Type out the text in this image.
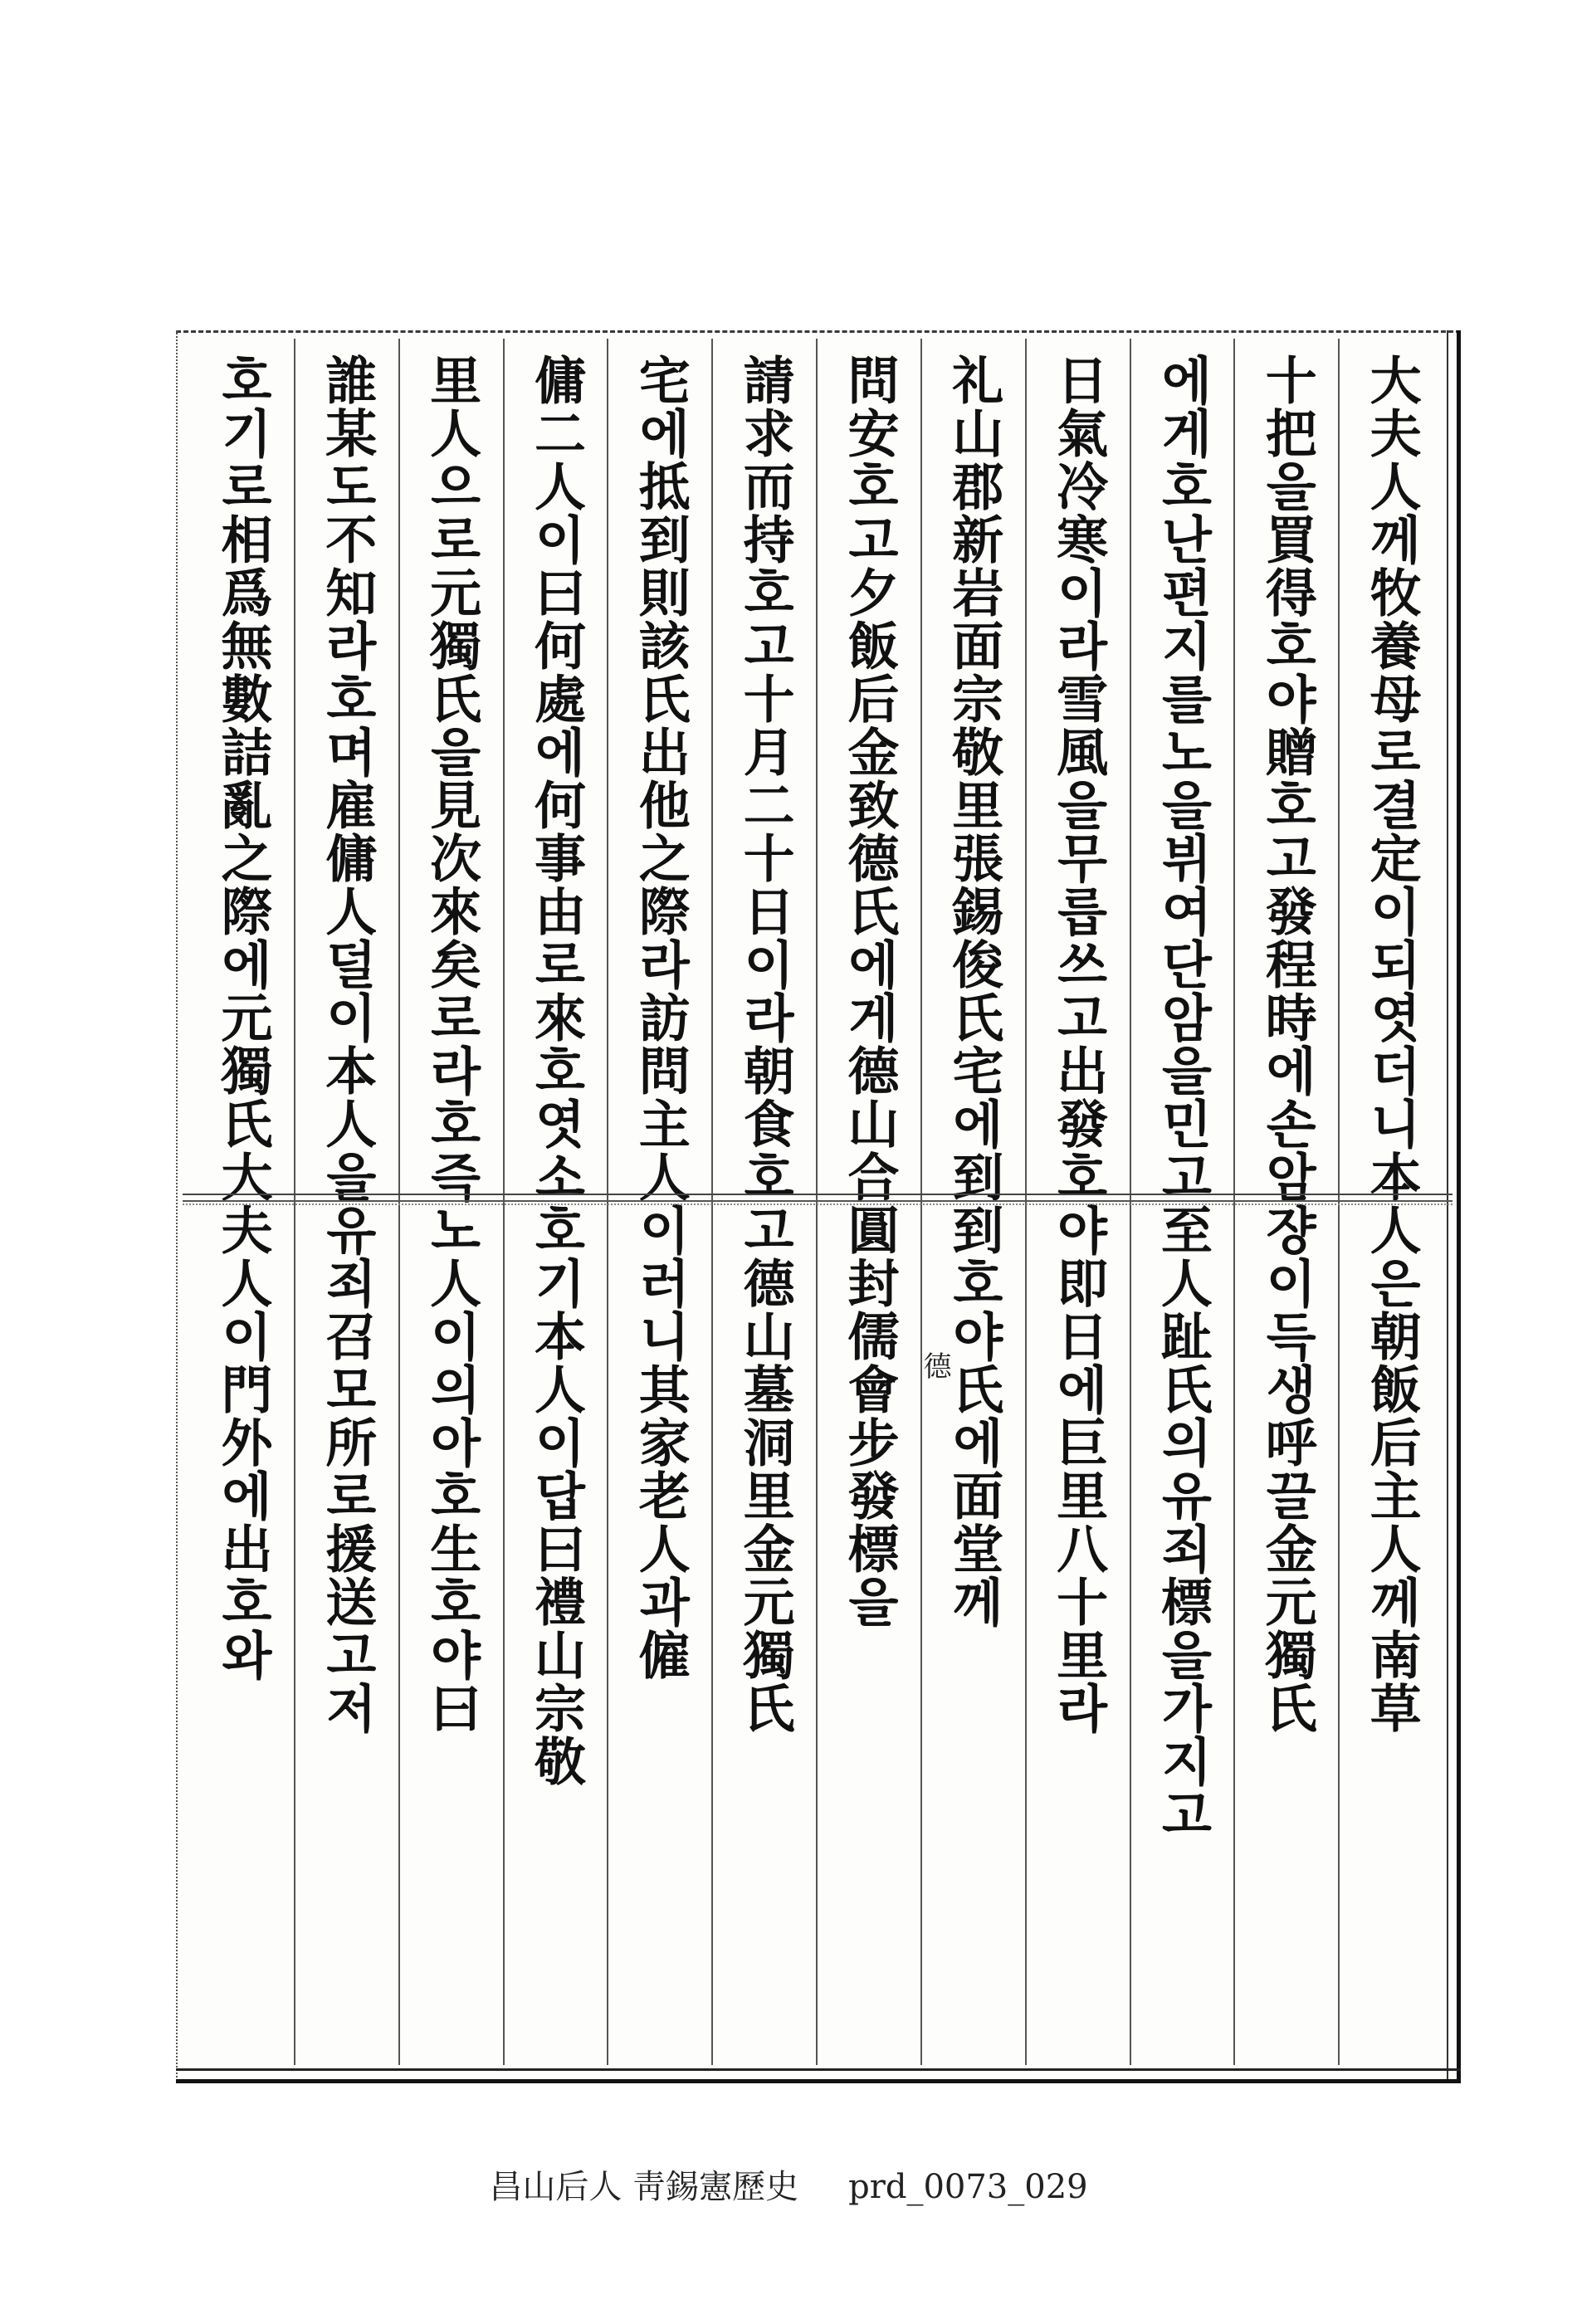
大夫人께牧養母로결定이되엿더니本人은朝飯后主人께南草
十把을買得호야贈호고發程時에손암쟝이득생呼끌金元獨氏
에게호난편지를노을뷔여단암을민고至人趾氏의유죄標을가지고
日氣冷寒이라雪風을무릅쓰고出發호야即日에巨里八十里라
礼山郡新岩面宗敬里張錫俊氏宅에到到호야氏에面堂께
問安호고夕飯后金致德氏에게德山合圓封儒會步發標을
請求而持호고十月二十日이라朝食호고德山墓洞里金元獨氏
宅에抵到則該氏出他之際라訪問主人이러니其家老人과僱
傭二人이曰何處에何事由로來호엿소호기本人이답曰禮山宗敬
里人으로元獨氏을見次來矣로라호즉노人이의아호生호야曰
誰某도不知라호며雇傭人덜이本人을유죄召모所로援送고저
호기로相爲無數詰亂之際에元獨氏大夫人이門外에出호와	德
昌山后人 靑錫憲歷史 prd_0073_029
